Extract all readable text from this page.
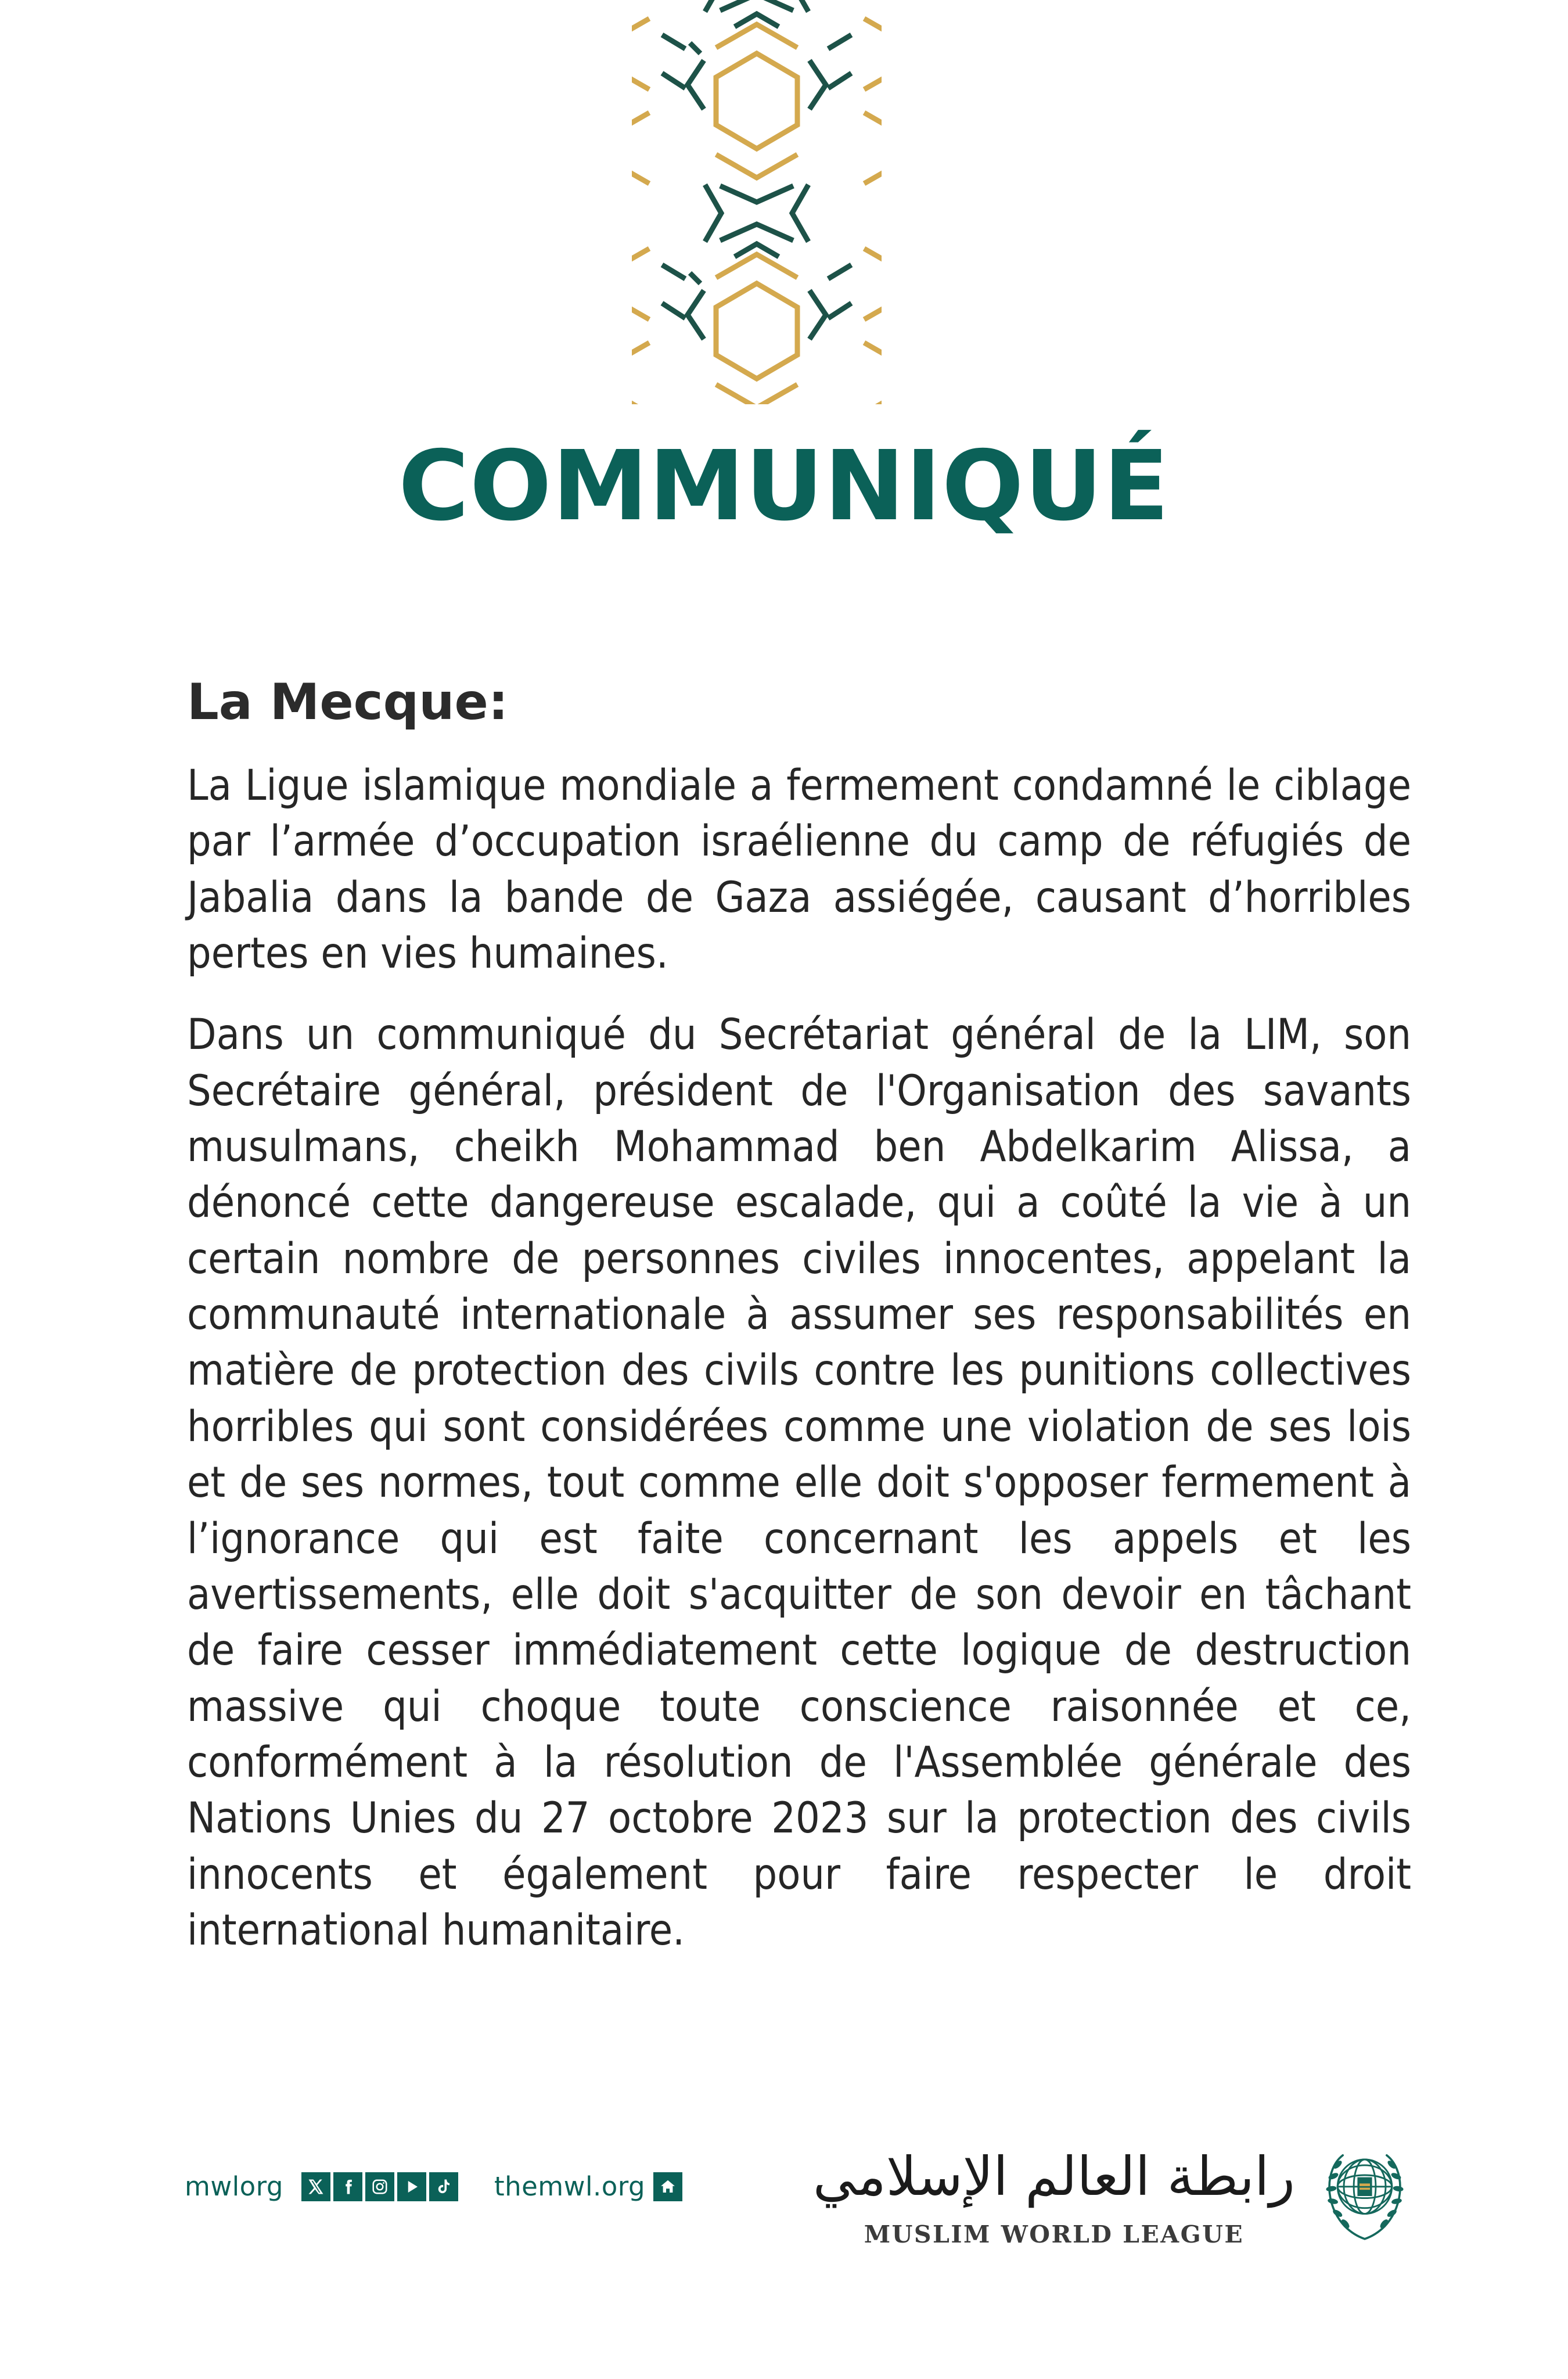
COMMUNIQUÉ
La Mecque:

La Ligue islamique mondiale a fermement condamné le ciblage par l’armée d’occupation israélienne du camp de réfugiés de Jabalia dans la bande de Gaza assiégée, causant d’horribles pertes en vies humaines.

Dans un communiqué du Secrétariat général de la LIM, son Secrétaire général, président de l'Organisation des savants musulmans, cheikh Mohammad ben Abdelkarim Alissa, a dénoncé cette dangereuse escalade, qui a coûté la vie à un certain nombre de personnes civiles innocentes, appelant la communauté internationale à assumer ses responsabilités en matière de protection des civils contre les punitions collectives horribles qui sont considérées comme une violation de ses lois et de ses normes, tout comme elle doit s'opposer fermement à l’ignorance qui est faite concernant les appels et les avertissements, elle doit s'acquitter de son devoir en tâchant de faire cesser immédiatement cette logique de destruction massive qui choque toute conscience raisonnée et ce, conformément à la résolution de l'Assemblée générale des Nations Unies du 27 octobre 2023 sur la protection des civils innocents et également pour faire respecter le droit international humanitaire.

mwlorg	themwl.org	رابطة العالم الإسلامي
MUSLIM WORLD LEAGUE
